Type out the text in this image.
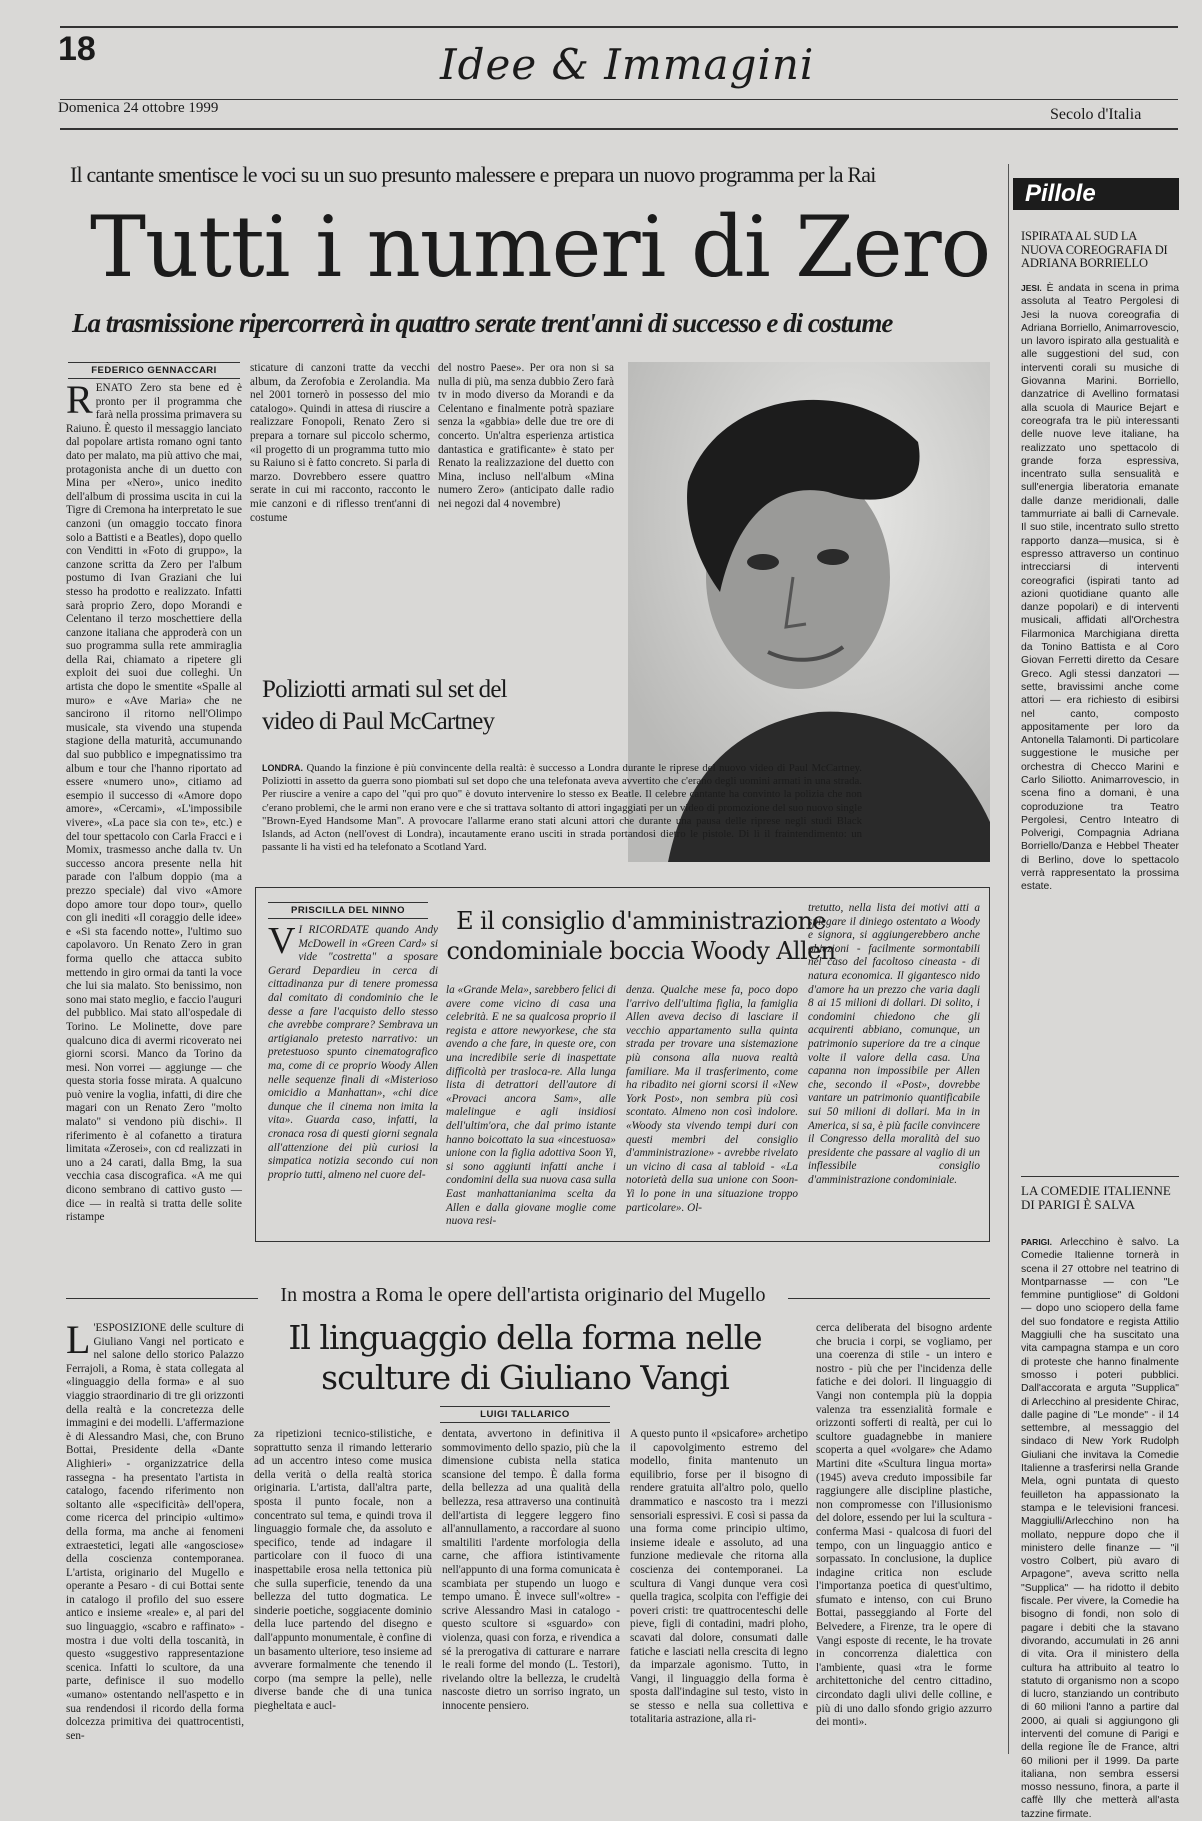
18	Idee & Immagini
Domenica 24 ottobre 1999	Secolo d'Italia
Il cantante smentisce le voci su un suo presunto malessere e prepara un nuovo programma per la Rai
Tutti i numeri di Zero
La trasmissione ripercorrerà in quattro serate trent'anni di successo e di costume
FEDERICO GENNACCARI
R ENATO Zero sta bene ed è pronto per il programma che farà nella prossima primavera su Raiuno. È questo il messaggio lanciato dal popolare artista romano ogni tanto dato per malato, ma più attivo che mai, protagonista anche di un duetto con Mina per «Nero», unico inedito dell'album di prossima uscita in cui la Tigre di Cremona ha interpretato le sue canzoni (un omaggio toccato finora solo a Battisti e a Beatles), dopo quello con Venditti in «Foto di gruppo», la canzone scritta da Zero per l'album postumo di Ivan Graziani che lui stesso ha prodotto e realizzato. Infatti sarà proprio Zero, dopo Morandi e Celentano il terzo moschettiere della canzone italiana che approderà con un suo programma sulla rete ammiraglia della Rai, chiamato a ripetere gli exploit dei suoi due colleghi. Un artista che dopo le smentite «Spalle al muro» e «Ave Maria» che ne sancirono il ritorno nell'Olimpo musicale, sta vivendo una stupenda stagione della maturità, accumunando dal suo pubblico e impegnatissimo tra album e tour che l'hanno riportato ad essere «numero uno», citiamo ad esempio il successo di «Amore dopo amore», «Cercami», «L'impossibile vivere», «La pace sia con te», etc.) e del tour spettacolo con Carla Fracci e i Momix, trasmesso anche dalla tv. Un successo ancora presente nella hit parade con l'album doppio (ma a prezzo speciale) dal vivo «Amore dopo amore tour dopo tour», quello con gli inediti «Il coraggio delle idee» e «Si sta facendo notte», l'ultimo suo capolavoro. Un Renato Zero in gran forma quello che attacca subito mettendo in giro ormai da tanti la voce che lui sia malato. Sto benissimo, non sono mai stato meglio, e faccio l'auguri del pubblico. Mai stato all'ospedale di Torino. Le Molinette, dove pare qualcuno dica di avermi ricoverato nei giorni scorsi. Manco da Torino da mesi. Non vorrei — aggiunge — che questa storia fosse mirata. A qualcuno può venire la voglia, infatti, di dire che magari con un Renato Zero "molto malato" si vendono più dischi». Il riferimento è al cofanetto a tiratura limitata «Zerosei», con cd realizzati in uno a 24 carati, dalla Bmg, la sua vecchia casa discografica. «A me qui dicono sembrano di cattivo gusto — dice — in realtà si tratta delle solite ristampe
sticature di canzoni tratte da vecchi album, da Zerofobia e Zerolandia. Ma nel 2001 tornerò in possesso del mio catalogo». Quindi in attesa di riuscire a realizzare Fonopoli, Renato Zero si prepara a tornare sul piccolo schermo, «il progetto di un programma tutto mio su Raiuno si è fatto concreto. Si parla di marzo. Dovrebbero essere quattro serate in cui mi racconto, racconto le mie canzoni e di riflesso trent'anni di costume
del nostro Paese». Per ora non si sa nulla di più, ma senza dubbio Zero farà tv in modo diverso da Morandi e da Celentano e finalmente potrà spaziare senza la «gabbia» delle due tre ore di concerto. Un'altra esperienza artistica dantastica e gratificante» è stato per Renato la realizzazione del duetto con Mina, incluso nell'album «Mina numero Zero» (anticipato dalle radio nei negozi dal 4 novembre)
Poliziotti armati sul set del video di Paul McCartney
LONDRA. Quando la finzione è più convincente della realtà: è successo a Londra durante le riprese del nuovo video di Paul McCartney. Poliziotti in assetto da guerra sono piombati sul set dopo che una telefonata aveva avvertito che c'erano degli uomini armati in una strada. Per riuscire a venire a capo del "qui pro quo" è dovuto intervenire lo stesso ex Beatle. Il celebre cantante ha convinto la polizia che non c'erano problemi, che le armi non erano vere e che si trattava soltanto di attori ingaggiati per un video di promozione del suo nuovo single "Brown-Eyed Handsome Man". A provocare l'allarme erano stati alcuni attori che durante una pausa delle riprese negli studi Black Islands, ad Acton (nell'ovest di Londra), incautamente erano usciti in strada portandosi dietro le pistole. Di lì il fraintendimento: un passante li ha visti ed ha telefonato a Scotland Yard.
PRISCILLA DEL NINNO	E il consiglio d'amministrazione condominiale boccia Woody Allen
V I RICORDATE quando Andy McDowell in «Green Card» si vide "costretta" a sposare Gerard Depardieu in cerca di cittadinanza pur di tenere promessa dal comitato di condominio che le desse a fare l'acquisto dello stesso che avrebbe comprare? Sembrava un artigianalo pretesto narrativo: un pretestuoso spunto cinematografico ma, come di ce proprio Woody Allen nelle sequenze finali di «Misterioso omicidio a Manhattan», «chi dice dunque che il cinema non imita la vita». Guarda caso, infatti, la cronaca rosa di questi giorni segnala all'attenzione dei più curiosi la simpatica notizia secondo cui non proprio tutti, almeno nel cuore del-
la «Grande Mela», sarebbero felici di avere come vicino di casa una celebrità. E ne sa qualcosa proprio il regista e attore newyorkese, che sta avendo a che fare, in queste ore, con una incredibile serie di inaspettate difficoltà per trasloca-re. Alla lunga lista di detrattori dell'autore di «Provaci ancora Sam», alle malelingue e agli insidiosi dell'ultim'ora, che dal primo istante hanno boicottato la sua «incestuosa» unione con la figlia adottiva Soon Yi, si sono aggiunti infatti anche i condomini della sua nuova casa sulla East manhattanianima scelta da Allen e dalla giovane moglie come nuova resi-
denza. Qualche mese fa, poco dopo l'arrivo dell'ultima figlia, la famiglia Allen aveva deciso di lasciare il vecchio appartamento sulla quinta strada per trovare una sistemazione più consona alla nuova realtà familiare. Ma il trasferimento, come ha ribadito nei giorni scorsi il «New York Post», non sembra più così scontato. Almeno non così indolore. «Woody sta vivendo tempi duri con questi membri del consiglio d'amministrazione» - avrebbe rivelato un vicino di casa al tabloid - «La notorietà della sua unione con Soon-Yi lo pone in una situazione troppo particolare». Ol-
tretutto, nella lista dei motivi atti a spiegare il diniego ostentato a Woody e signora, si aggiungerebbero anche obiezioni - facilmente sormontabili nel caso del facoltoso cineasta - di natura economica. Il gigantesco nido d'amore ha un prezzo che varia dagli 8 ai 15 milioni di dollari. Di solito, i condomini chiedono che gli acquirenti abbiano, comunque, un patrimonio superiore da tre a cinque volte il valore della casa. Una capanna non impossibile per Allen che, secondo il «Post», dovrebbe vantare un patrimonio quantificabile sui 50 milioni di dollari. Ma in in America, si sa, è più facile convincere il Congresso della moralità del suo presidente che passare al vaglio di un inflessibile consiglio d'amministrazione condominiale.
In mostra a Roma le opere dell'artista originario del Mugello
Il linguaggio della forma nelle sculture di Giuliano Vangi
LUIGI TALLARICO
L 'ESPOSIZIONE delle sculture di Giuliano Vangi nel porticato e nel salone dello storico Palazzo Ferrajoli, a Roma, è stata collegata al «linguaggio della forma» e al suo viaggio straordinario di tre gli orizzonti della realtà e la concretezza delle immagini e dei modelli. L'affermazione è di Alessandro Masi, che, con Bruno Bottai, Presidente della «Dante Alighieri» - organizzatrice della rassegna - ha presentato l'artista in catalogo, facendo riferimento non soltanto alle «specificità» dell'opera, come ricerca del principio «ultimo» della forma, ma anche ai fenomeni extraestetici, legati alle «angosciose» della coscienza contemporanea. L'artista, originario del Mugello e operante a Pesaro - di cui Bottai sente in catalogo il profilo del suo essere antico e insieme «reale» e, al pari del suo linguaggio, «scabro e raffinato» - mostra i due volti della toscanità, in questo «suggestivo rappresentazione scenica. Infatti lo scultore, da una parte, definisce il suo modello «umano» ostentando nell'aspetto e in sua rendendosi il ricordo della forma dolcezza primitiva dei quattrocentisti, sen-
za ripetizioni tecnico-stilistiche, e soprattutto senza il rimando letterario ad un accentro inteso come musica della verità o della realtà storica originaria. L'artista, dall'altra parte, sposta il punto focale, non a concentrato sul tema, e quindi trova il linguaggio formale che, da assoluto e specifico, tende ad indagare il particolare con il fuoco di una inaspettabile erosa nella tettonica più che sulla superficie, tenendo da una bellezza del tutto dogmatica. Le sinderie poetiche, soggiacente dominio della luce partendo del disegno e dall'appunto monumentale, è confine di un basamento ulteriore, teso insieme ad avverare formalmente che tenendo il corpo (ma sempre la pelle), nelle diverse bande che di una tunica piegheltata e aucl-
dentata, avvertono in definitiva il sommovimento dello spazio, più che la dimensione cubista nella statica scansione del tempo. È dalla forma della bellezza ad una qualità della bellezza, resa attraverso una continuità dell'artista di leggere leggero fino all'annullamento, a raccordare al suono smaltiliti l'ardente morfologia della carne, che affiora istintivamente nell'appunto di una forma comunicata è scambiata per stupendo un luogo e tempo umano. È invece sull'«oltre» - scrive Alessandro Masi in catalogo - questo scultore si «sguardo» con violenza, quasi con forza, e rivendica a sé la prerogativa di catturare e narrare le reali forme del mondo (L. Testori), rivelando oltre la bellezza, le crudeltà nascoste dietro un sorriso ingrato, un innocente pensiero.
A questo punto il «psicafore» archetipo il capovolgimento estremo del modello, finita mantenuto un equilibrio, forse per il bisogno di rendere gratuita all'altro polo, quello drammatico e nascosto tra i mezzi sensoriali espressivi. E così si passa da una forma come principio ultimo, insieme ideale e assoluto, ad una funzione medievale che ritorna alla coscienza dei contemporanei. La scultura di Vangi dunque vera così quella tragica, scolpita con l'effigie dei poveri cristi: tre quattrocenteschi delle pieve, figli di contadini, madri ploho, scavati dal dolore, consumati dalle fatiche e lasciati nella crescita di legno da imparzale agonismo. Tutto, in Vangi, il linguaggio della forma è sposta dall'indagine sul testo, visto in se stesso e nella sua collettiva e totalitaria astrazione, alla ri-
cerca deliberata del bisogno ardente che brucia i corpi, se vogliamo, per una coerenza di stile - un intero e nostro - più che per l'incidenza delle fatiche e dei dolori. Il linguaggio di Vangi non contempla più la doppia valenza tra essenzialità formale e orizzonti sofferti di realtà, per cui lo scultore guadagnebbe in maniere scoperta a quel «volgare» che Adamo Martini dite «Scultura lingua morta» (1945) aveva creduto impossibile far raggiungere alle discipline plastiche, non compromesse con l'illusionismo del dolore, essendo per lui la scultura - conferma Masi - qualcosa di fuori del tempo, con un linguaggio antico e sorpassato. In conclusione, la duplice indagine critica non esclude l'importanza poetica di quest'ultimo, sfumato e intenso, con cui Bruno Bottai, passeggiando al Forte del Belvedere, a Firenze, tra le opere di Vangi esposte di recente, le ha trovate in concorrenza dialettica con l'ambiente, quasi «tra le forme architettoniche del centro cittadino, circondato dagli ulivi delle colline, e più di uno dallo sfondo grigio azzurro dei monti».
Pillole
ISPIRATA AL SUD LA NUOVA COREOGRAFIA DI ADRIANA BORRIELLO
JESI. È andata in scena in prima assoluta al Teatro Pergolesi di Jesi la nuova coreografia di Adriana Borriello, Animarrovescio, un lavoro ispirato alla gestualità e alle suggestioni del sud, con interventi corali su musiche di Giovanna Marini. Borriello, danzatrice di Avellino formatasi alla scuola di Maurice Bejart e coreografa tra le più interessanti delle nuove leve italiane, ha realizzato uno spettacolo di grande forza espressiva, incentrato sulla sensualità e sull'energia liberatoria emanate dalle danze meridionali, dalle tammurriate ai balli di Carnevale. Il suo stile, incentrato sullo stretto rapporto danza—musica, si è espresso attraverso un continuo intrecciarsi di interventi coreografici (ispirati tanto ad azioni quotidiane quanto alle danze popolari) e di interventi musicali, affidati all'Orchestra Filarmonica Marchigiana diretta da Tonino Battista e al Coro Giovan Ferretti diretto da Cesare Greco. Agli stessi danzatori — sette, bravissimi anche come attori — era richiesto di esibirsi nel canto, composto appositamente per loro da Antonella Talamonti. Di particolare suggestione le musiche per orchestra di Checco Marini e Carlo Siliotto. Animarrovescio, in scena fino a domani, è una coproduzione tra Teatro Pergolesi, Centro Inteatro di Polverigi, Compagnia Adriana Borriello/Danza e Hebbel Theater di Berlino, dove lo spettacolo verrà rappresentato la prossima estate.
LA COMEDIE ITALIENNE DI PARIGI È SALVA
PARIGI. Arlecchino è salvo. La Comedie Italienne tornerà in scena il 27 ottobre nel teatrino di Montparnasse — con "Le femmine puntigliose" di Goldoni — dopo uno sciopero della fame del suo fondatore e regista Attilio Maggiulli che ha suscitato una vita campagna stampa e un coro di proteste che hanno finalmente smosso i poteri pubblici. Dall'accorata e arguta "Supplica" di Arlecchino al presidente Chirac, dalle pagine di "Le monde" - il 14 settembre, al messaggio del sindaco di New York Rudolph Giuliani che invitava la Comedie Italienne a trasferirsi nella Grande Mela, ogni puntata di questo feuilleton ha appassionato la stampa e le televisioni francesi. Maggiulli/Arlecchino non ha mollato, neppure dopo che il ministero delle finanze — "il vostro Colbert, più avaro di Arpagone", aveva scritto nella "Supplica" — ha ridotto il debito fiscale. Per vivere, la Comedie ha bisogno di fondi, non solo di pagare i debiti che la stavano divorando, accumulati in 26 anni di vita. Ora il ministero della cultura ha attribuito al teatro lo statuto di organismo non a scopo di lucro, stanziando un contributo di 60 milioni l'anno a partire dal 2000, ai quali si aggiungono gli interventi del comune di Parigi e della regione Île de France, altri 60 milioni per il 1999. Da parte italiana, non sembra essersi mosso nessuno, finora, a parte il caffè Illy che metterà all'asta tazzine firmate.
